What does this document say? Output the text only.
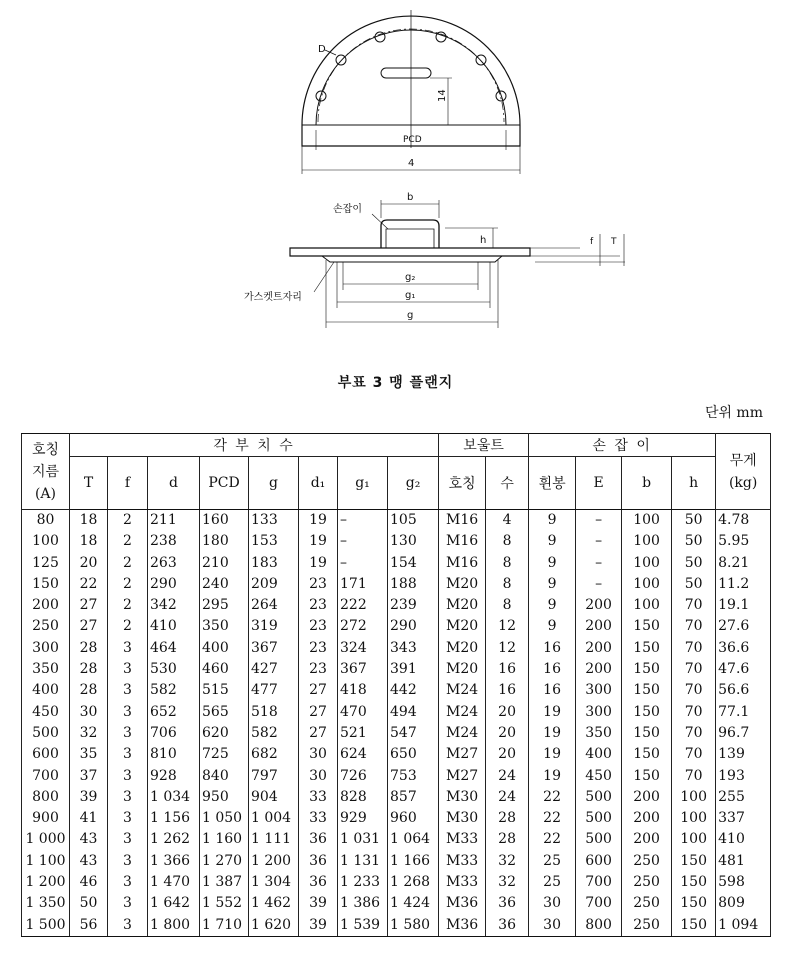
D
14
PCD
4
손잡이
b
h	f T
g₂
g₁
g
가스켓트자리
부표 3 맹 플랜지
단위 mm
호칭
지름
(A)	각 부 치 수								보울트		손 잡 이				무게
(kg)
	T	f	d	PCD	g	d₁	g₁	g₂	호칭	수	휜봉	E	b	h	
80	18	2	211	160	133	19	–	105	M16	4	9	–	100	50	4.78
100	18	2	238	180	153	19	–	130	M16	8	9	–	100	50	5.95
125	20	2	263	210	183	19	–	154	M16	8	9	–	100	50	8.21
150	22	2	290	240	209	23	171	188	M20	8	9	–	100	50	11.2
200	27	2	342	295	264	23	222	239	M20	8	9	200	100	70	19.1
250	27	2	410	350	319	23	272	290	M20	12	9	200	150	70	27.6
300	28	3	464	400	367	23	324	343	M20	12	16	200	150	70	36.6
350	28	3	530	460	427	23	367	391	M20	16	16	200	150	70	47.6
400	28	3	582	515	477	27	418	442	M24	16	16	300	150	70	56.6
450	30	3	652	565	518	27	470	494	M24	20	19	300	150	70	77.1
500	32	3	706	620	582	27	521	547	M24	20	19	350	150	70	96.7
600	35	3	810	725	682	30	624	650	M27	20	19	400	150	70	139
700	37	3	928	840	797	30	726	753	M27	24	19	450	150	70	193
800	39	3	1 034	950	904	33	828	857	M30	24	22	500	200	100	255
900	41	3	1 156	1 050	1 004	33	929	960	M30	28	22	500	200	100	337
1 000	43	3	1 262	1 160	1 111	36	1 031	1 064	M33	28	22	500	200	100	410
1 100	43	3	1 366	1 270	1 200	36	1 131	1 166	M33	32	25	600	250	150	481
1 200	46	3	1 470	1 387	1 304	36	1 233	1 268	M33	32	25	700	250	150	598
1 350	50	3	1 642	1 552	1 462	39	1 386	1 424	M36	36	30	700	250	150	809
1 500	56	3	1 800	1 710	1 620	39	1 539	1 580	M36	36	30	800	250	150	1 094
